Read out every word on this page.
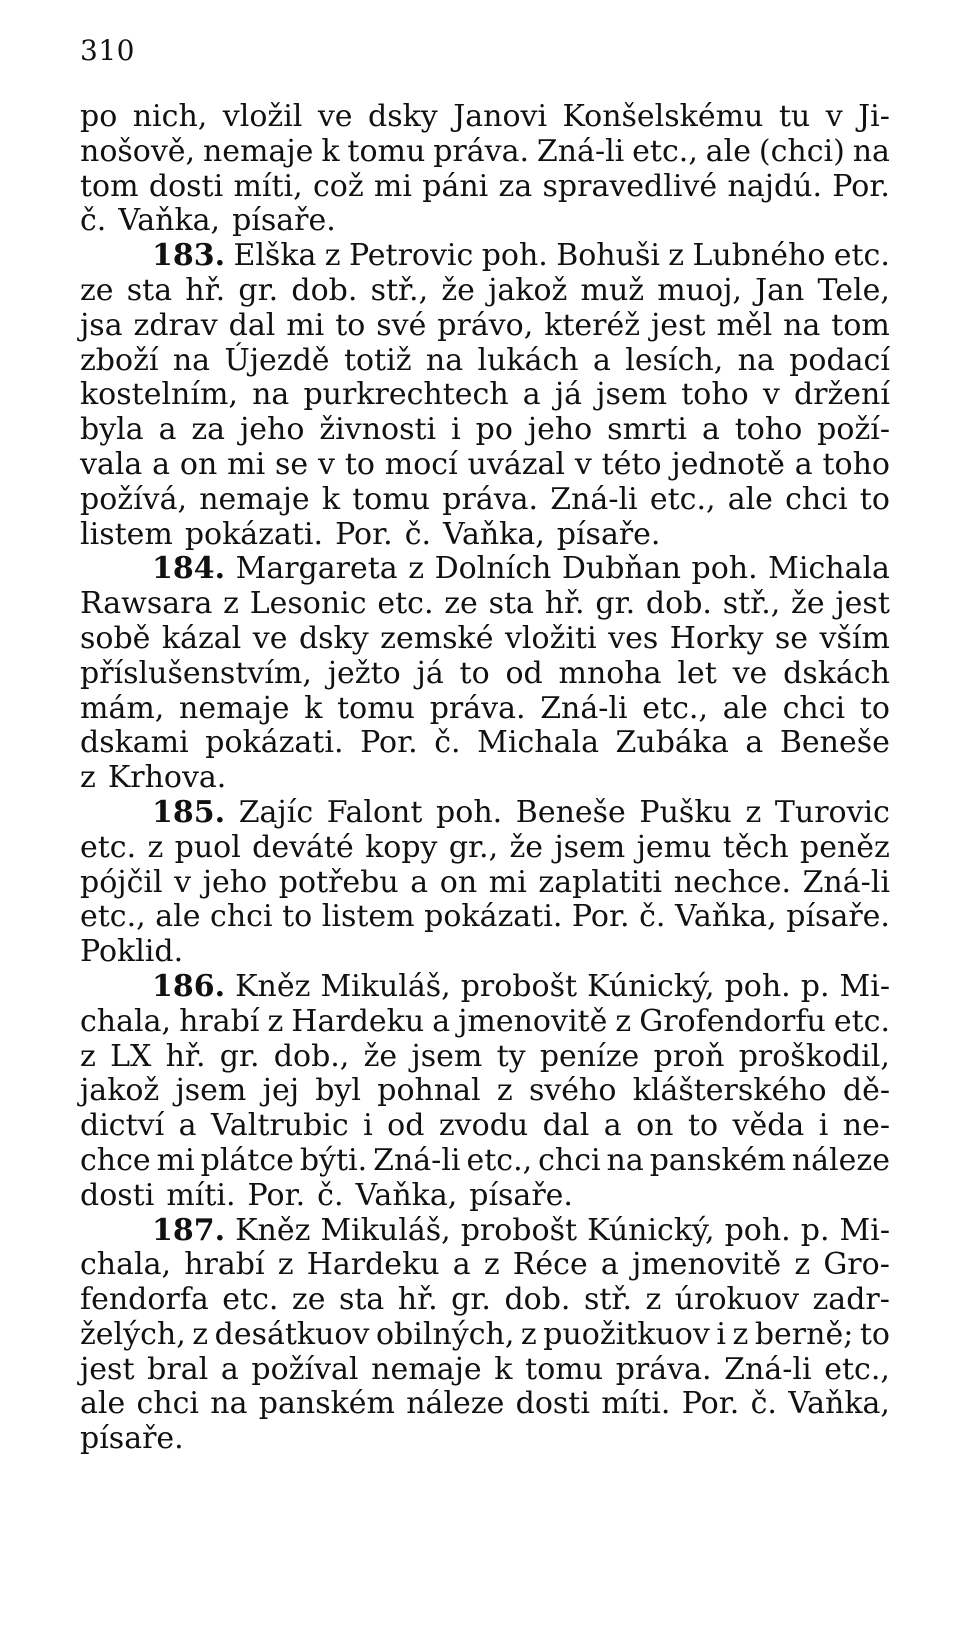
310
po nich, vložil ve dsky Janovi Konšelskému tu v Ji-
nošově, nemaje k tomu práva. Zná-li etc., ale (chci) na
tom dosti míti, což mi páni za spravedlivé najdú. Por.
č. Vaňka, písaře.
183. Elška z Petrovic poh. Bohuši z Lubného etc.
ze sta hř. gr. dob. stř., že jakož muž muoj, Jan Tele,
jsa zdrav dal mi to své právo, kteréž jest měl na tom
zboží na Újezdě totiž na lukách a lesích, na podací
kostelním, na purkrechtech a já jsem toho v držení
byla a za jeho živnosti i po jeho smrti a toho poží-
vala a on mi se v to mocí uvázal v této jednotě a toho
požívá, nemaje k tomu práva. Zná-li etc., ale chci to
listem pokázati. Por. č. Vaňka, písaře.
184. Margareta z Dolních Dubňan poh. Michala
Rawsara z Lesonic etc. ze sta hř. gr. dob. stř., že jest
sobě kázal ve dsky zemské vložiti ves Horky se vším
příslušenstvím, ježto já to od mnoha let ve dskách
mám, nemaje k tomu práva. Zná-li etc., ale chci to
dskami pokázati. Por. č. Michala Zubáka a Beneše
z Krhova.
185. Zajíc Falont poh. Beneše Pušku z Turovic
etc. z puol deváté kopy gr., že jsem jemu těch peněz
pójčil v jeho potřebu a on mi zaplatiti nechce. Zná-li
etc., ale chci to listem pokázati. Por. č. Vaňka, písaře.
Poklid.
186. Kněz Mikuláš, probošt Kúnický, poh. p. Mi-
chala, hrabí z Hardeku a jmenovitě z Grofendorfu etc.
z LX hř. gr. dob., že jsem ty peníze proň proškodil,
jakož jsem jej byl pohnal z svého klášterského dě-
dictví a Valtrubic i od zvodu dal a on to věda i ne-
chce mi plátce býti. Zná-li etc., chci na panském náleze
dosti míti. Por. č. Vaňka, písaře.
187. Kněz Mikuláš, probošt Kúnický, poh. p. Mi-
chala, hrabí z Hardeku a z Réce a jmenovitě z Gro-
fendorfa etc. ze sta hř. gr. dob. stř. z úrokuov zadr-
želých, z desátkuov obilných, z puožitkuov i z berně; to
jest bral a požíval nemaje k tomu práva. Zná-li etc.,
ale chci na panském náleze dosti míti. Por. č. Vaňka,
písaře.
